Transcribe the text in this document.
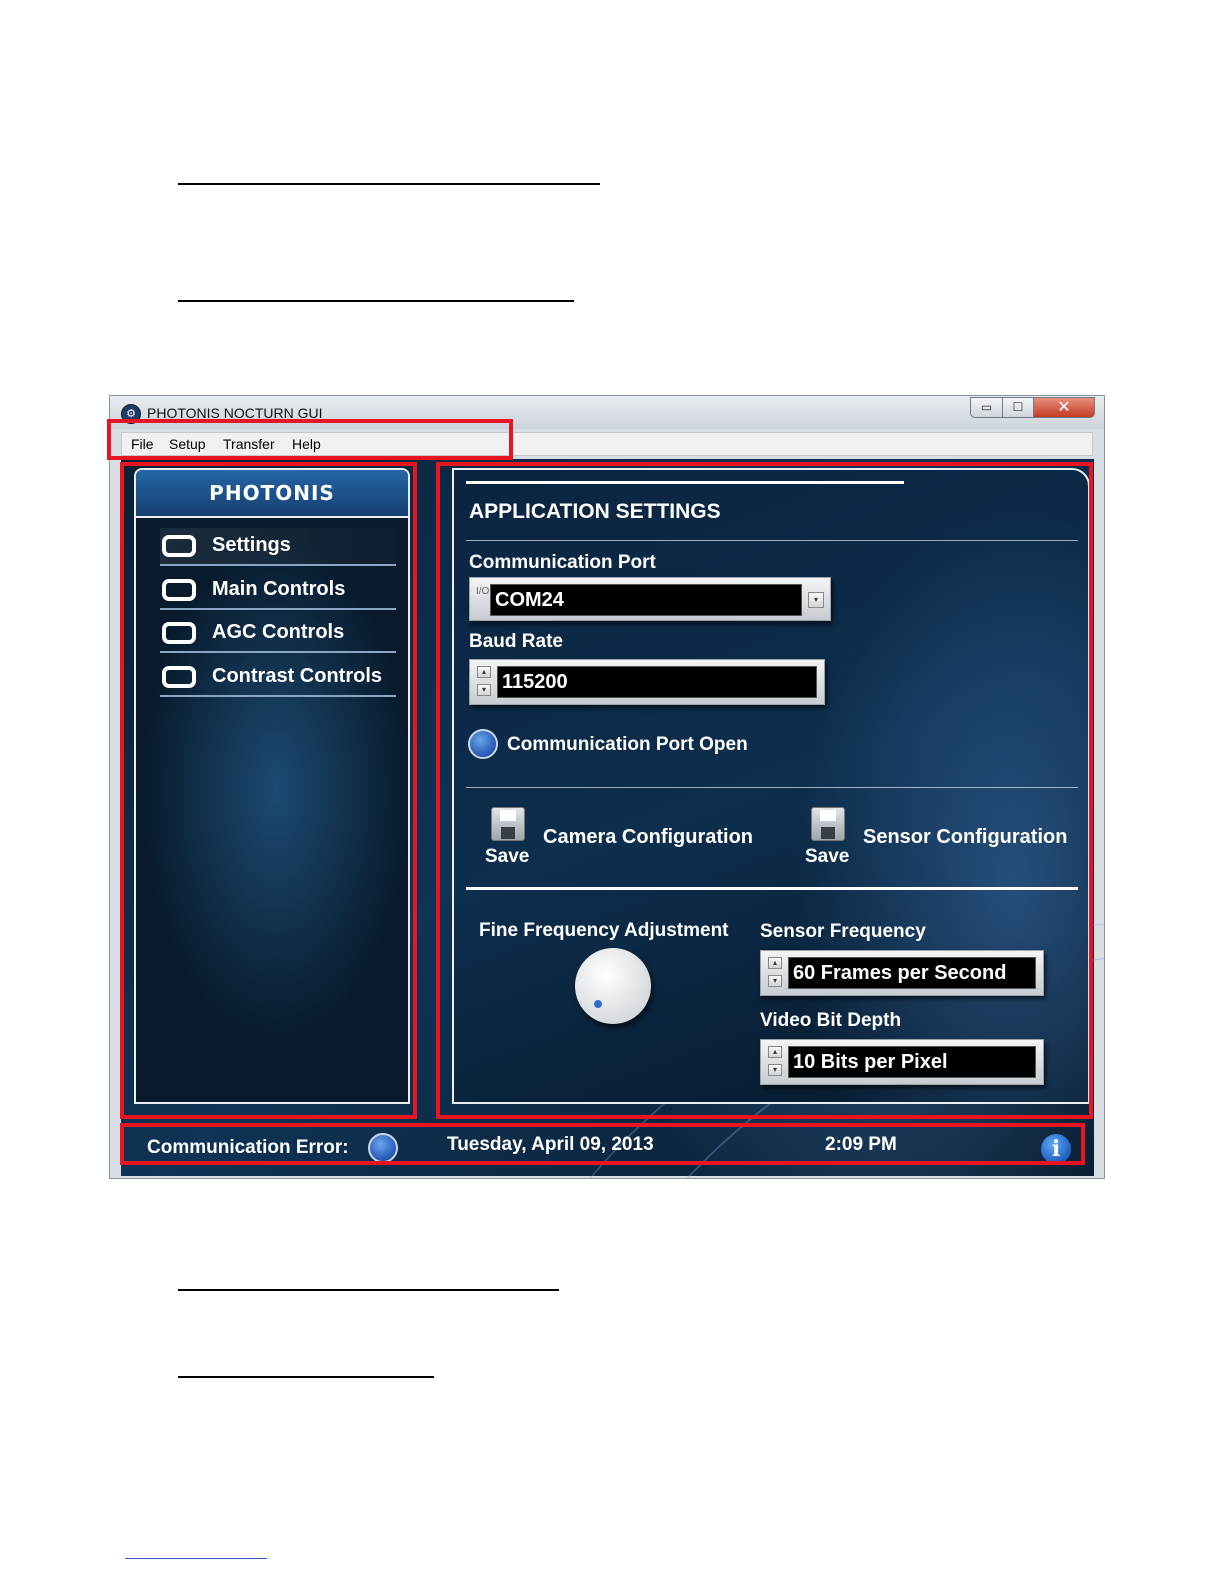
⚙ PHOTONIS NOCTURN GUI	▭	☐	✕
File Setup Transfer Help
PHOTONIS
Settings
Main Controls
AGC Controls
Contrast Controls
APPLICATION SETTINGS
Communication Port
I/O COM24	▾
Baud Rate
▴
▾ 115200
Communication Port Open
Save
Camera Configuration
Save
Sensor Configuration
Fine Frequency Adjustment Sensor Frequency
▴
▾ 60 Frames per Second
Video Bit Depth
▴
▾ 10 Bits per Pixel
Communication Error:	Tuesday, April 09, 2013	2:09 PM	i
